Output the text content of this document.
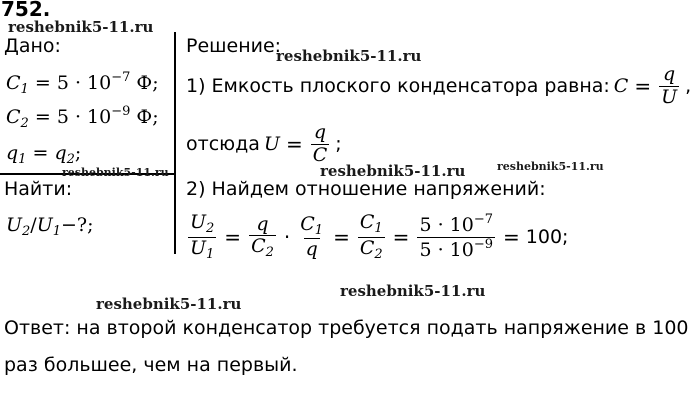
752.
Дано:
$C_1 = 5 \cdot 10^{-7}$ Ф;
$C_2 = 5 \cdot 10^{-9}$ Ф;
$q_1 = q_2$;
Найти:
$U_2/U_1-$?;
Решение:
1) Емкость плоского конденсатора равна: $C = \frac{q}{U}$ ,
отсюда $U = \frac{q}{C}$ ;
2) Найдем отношение напряжений:
$\frac{U_2}{U_1} = \frac{q}{C_2} \cdot \frac{C_1}{q} = \frac{C_1}{C_2} = \frac{5 \cdot 10^{-7}}{5 \cdot 10^{-9}} = 100$;
Ответ: на второй конденсатор требуется подать напряжение в 100
раз большее, чем на первый.
reshebnik5-11.ru
reshebnik5-11.ru
reshebnik5-11.ru	reshebnik5-11.ru	reshebnik5-11.ru
reshebnik5-11.ru
reshebnik5-11.ru
